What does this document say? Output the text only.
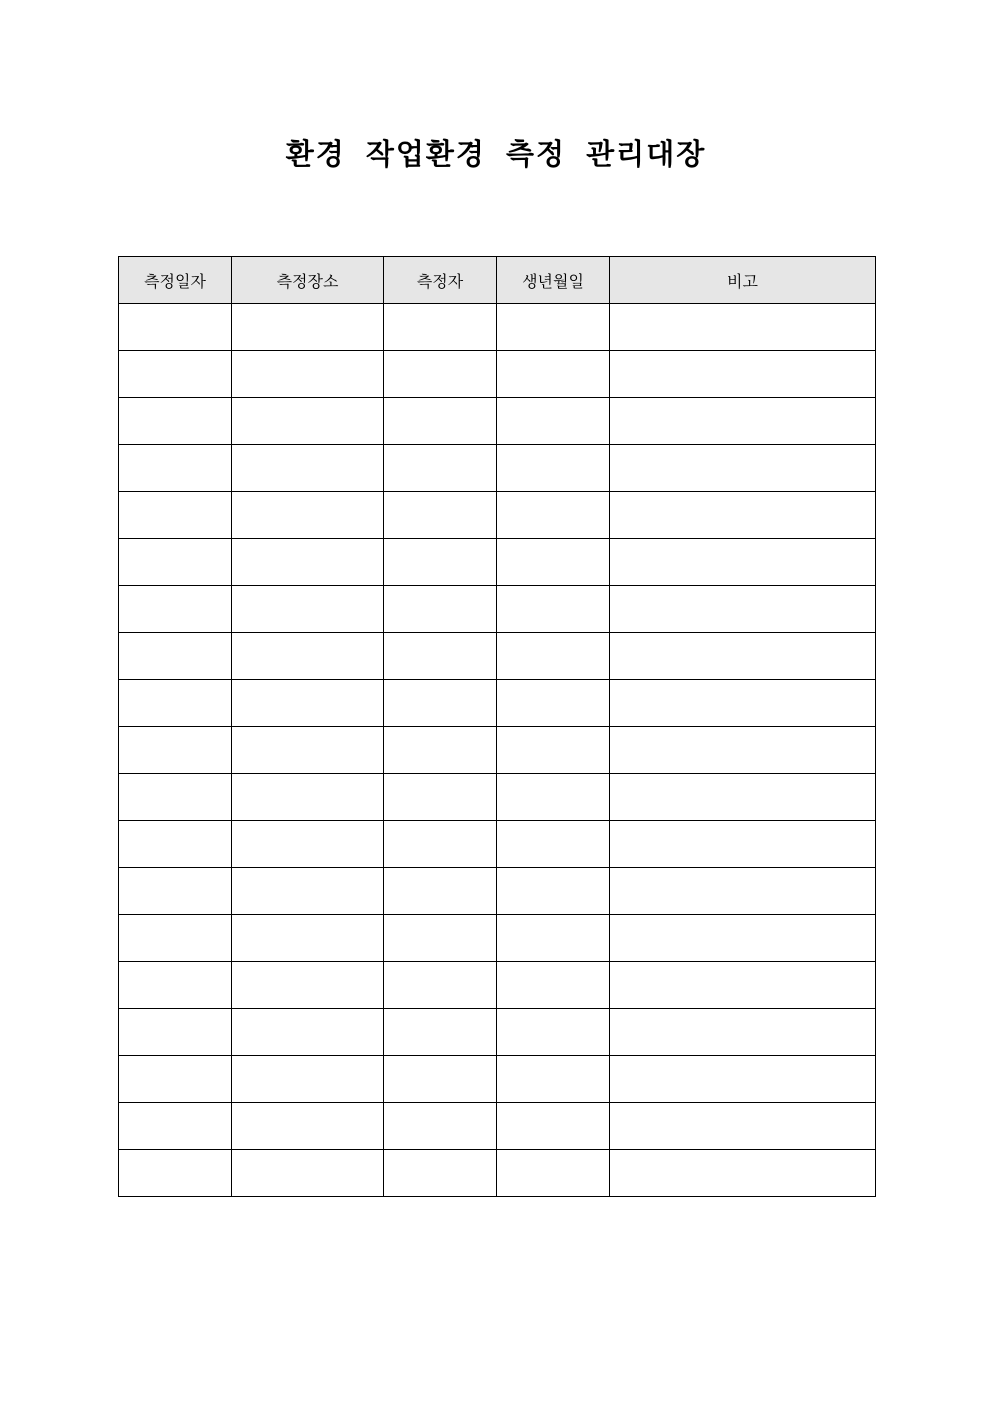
환경 작업환경 측정 관리대장
측정일자	측정장소	측정자	생년월일	비고
